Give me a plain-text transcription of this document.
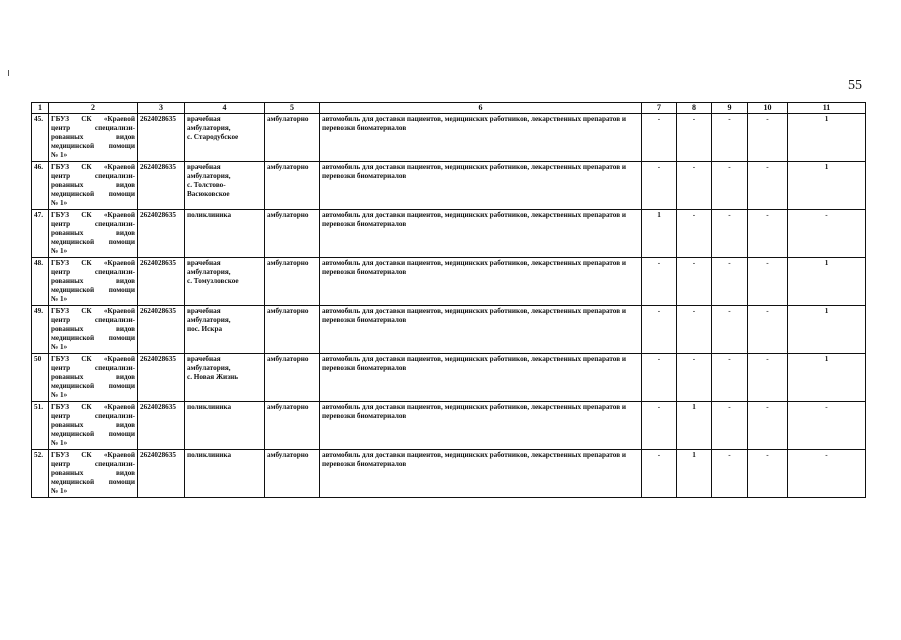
55
1	2	3	4	5	6	7	8	9	10	11
45.	ГБУЗ СК «Краевой
центр специализи-
рованных видов
медицинской помощи
№ 1»	2624028635	врачебная
амбулатория,
с. Стародубское	амбулаторно	автомобиль для доставки пациентов, медицинских работников, лекарственных препаратов и перевозки биоматериалов	-	-	-	-	1
46.	ГБУЗ СК «Краевой
центр специализи-
рованных видов
медицинской помощи
№ 1»	2624028635	врачебная
амбулатория,
с. Толстово-
Васюковское	амбулаторно	автомобиль для доставки пациентов, медицинских работников, лекарственных препаратов и перевозки биоматериалов	-	-	-	-	1
47.	ГБУЗ СК «Краевой
центр специализи-
рованных видов
медицинской помощи
№ 1»	2624028635	поликлиника	амбулаторно	автомобиль для доставки пациентов, медицинских работников, лекарственных препаратов и перевозки биоматериалов	1	-	-	-	-
48.	ГБУЗ СК «Краевой
центр специализи-
рованных видов
медицинской помощи
№ 1»	2624028635	врачебная
амбулатория,
с. Томузловское	амбулаторно	автомобиль для доставки пациентов, медицинских работников, лекарственных препаратов и перевозки биоматериалов	-	-	-	-	1
49.	ГБУЗ СК «Краевой
центр специализи-
рованных видов
медицинской помощи
№ 1»	2624028635	врачебная
амбулатория,
пос. Искра	амбулаторно	автомобиль для доставки пациентов, медицинских работников, лекарственных препаратов и перевозки биоматериалов	-	-	-	-	1
50	ГБУЗ СК «Краевой
центр специализи-
рованных видов
медицинской помощи
№ 1»	2624028635	врачебная
амбулатория,
с. Новая Жизнь	амбулаторно	автомобиль для доставки пациентов, медицинских работников, лекарственных препаратов и перевозки биоматериалов	-	-	-	-	1
51.	ГБУЗ СК «Краевой
центр специализи-
рованных видов
медицинской помощи
№ 1»	2624028635	поликлиника	амбулаторно	автомобиль для доставки пациентов, медицинских работников, лекарственных препаратов и перевозки биоматериалов	-	1	-	-	-
52.	ГБУЗ СК «Краевой
центр специализи-
рованных видов
медицинской помощи
№ 1»	2624028635	поликлиника	амбулаторно	автомобиль для доставки пациентов, медицинских работников, лекарственных препаратов и перевозки биоматериалов	-	1	-	-	-
